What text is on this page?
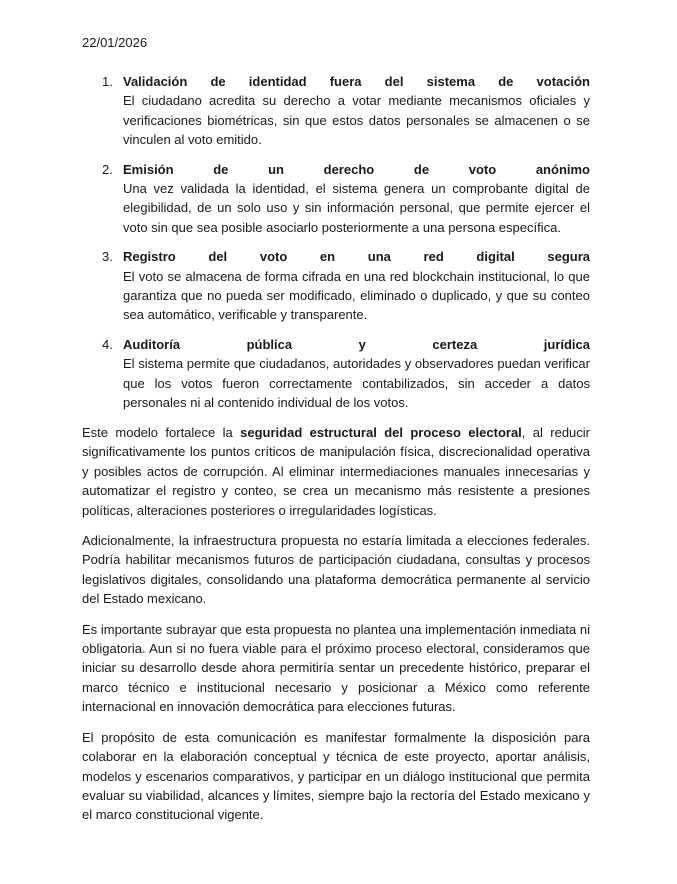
22/01/2026
1. Validación de identidad fuera del sistema de votación
El ciudadano acredita su derecho a votar mediante mecanismos oficiales y verificaciones biométricas, sin que estos datos personales se almacenen o se vinculen al voto emitido.
2. Emisión de un derecho de voto anónimo
Una vez validada la identidad, el sistema genera un comprobante digital de elegibilidad, de un solo uso y sin información personal, que permite ejercer el voto sin que sea posible asociarlo posteriormente a una persona específica.
3. Registro del voto en una red digital segura
El voto se almacena de forma cifrada en una red blockchain institucional, lo que garantiza que no pueda ser modificado, eliminado o duplicado, y que su conteo sea automático, verificable y transparente.
4. Auditoría pública y certeza jurídica
El sistema permite que ciudadanos, autoridades y observadores puedan verificar que los votos fueron correctamente contabilizados, sin acceder a datos personales ni al contenido individual de los votos.

Este modelo fortalece la seguridad estructural del proceso electoral, al reducir significativamente los puntos críticos de manipulación física, discrecionalidad operativa y posibles actos de corrupción. Al eliminar intermediaciones manuales innecesarias y automatizar el registro y conteo, se crea un mecanismo más resistente a presiones políticas, alteraciones posteriores o irregularidades logísticas.

Adicionalmente, la infraestructura propuesta no estaría limitada a elecciones federales. Podría habilitar mecanismos futuros de participación ciudadana, consultas y procesos legislativos digitales, consolidando una plataforma democrática permanente al servicio del Estado mexicano.

Es importante subrayar que esta propuesta no plantea una implementación inmediata ni obligatoria. Aun si no fuera viable para el próximo proceso electoral, consideramos que iniciar su desarrollo desde ahora permitiría sentar un precedente histórico, preparar el marco técnico e institucional necesario y posicionar a México como referente internacional en innovación democrática para elecciones futuras.

El propósito de esta comunicación es manifestar formalmente la disposición para colaborar en la elaboración conceptual y técnica de este proyecto, aportar análisis, modelos y escenarios comparativos, y participar en un diálogo institucional que permita evaluar su viabilidad, alcances y límites, siempre bajo la rectoría del Estado mexicano y el marco constitucional vigente.
